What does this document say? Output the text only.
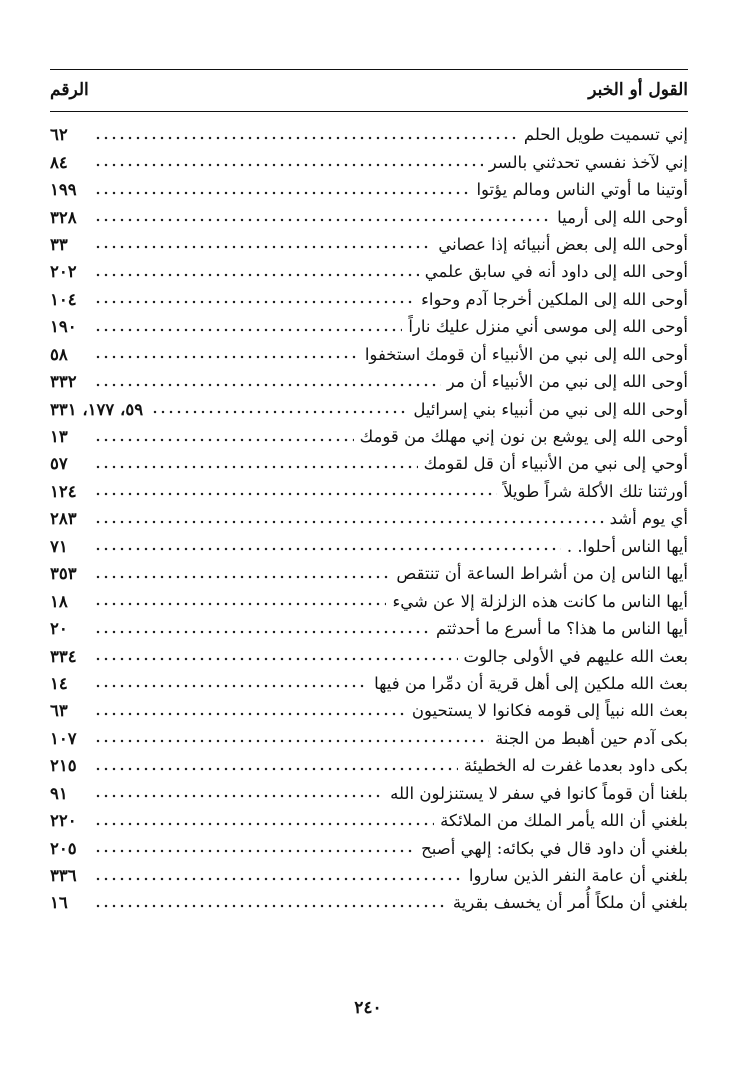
القول أو الخبر
الرقم
إني تسميت طويل الحلم
٦٢
إني لآخذ نفسي تحدثني بالسر
٨٤
أوتينا ما أوتي الناس ومالم يؤتوا
١٩٩
أوحى الله إلى أرميا
٣٢٨
أوحى الله إلى بعض أنبيائه إذا عصاني
٣٣
أوحى الله إلى داود أنه في سابق علمي
٢٠٢
أوحى الله إلى الملكين أخرجا آدم وحواء
١٠٤
أوحى الله إلى موسى أني منزل عليك ناراً
١٩٠
أوحى الله إلى نبي من الأنبياء أن قومك استخفوا
٥٨
أوحى الله إلى نبي من الأنبياء أن مر
٣٣٢
أوحى الله إلى نبي من أنبياء بني إسرائيل
٥٩، ١٧٧، ٣٣١
أوحى الله إلى يوشع بن نون إني مهلك من قومك
١٣
أوحي إلى نبي من الأنبياء أن قل لقومك
٥٧
أورثتنا تلك الأكلة شراً طويلاً
١٢٤
أي يوم أشد
٢٨٣
أيها الناس أحلوا. .
٧١
أيها الناس إن من أشراط الساعة أن تنتقص
٣٥٣
أيها الناس ما كانت هذه الزلزلة إلا عن شيء
١٨
أيها الناس ما هذا؟ ما أسرع ما أحدثتم
٢٠
بعث الله عليهم في الأولى جالوت
٣٣٤
بعث الله ملكين إلى أهل قرية أن دمِّرا من فيها
١٤
بعث الله نبياً إلى قومه فكانوا لا يستحيون
٦٣
بكى آدم حين أهبط من الجنة
١٠٧
بكى داود بعدما غفرت له الخطيئة
٢١٥
بلغنا أن قوماً كانوا في سفر لا يستنزلون الله
٩١
بلغني أن الله يأمر الملك من الملائكة
٢٢٠
بلغني أن داود قال في بكائه: إلهي أصبح
٢٠٥
بلغني أن عامة النفر الذين ساروا
٣٣٦
بلغني أن ملكاً أُمر أن يخسف بقرية
١٦
٢٤٠
